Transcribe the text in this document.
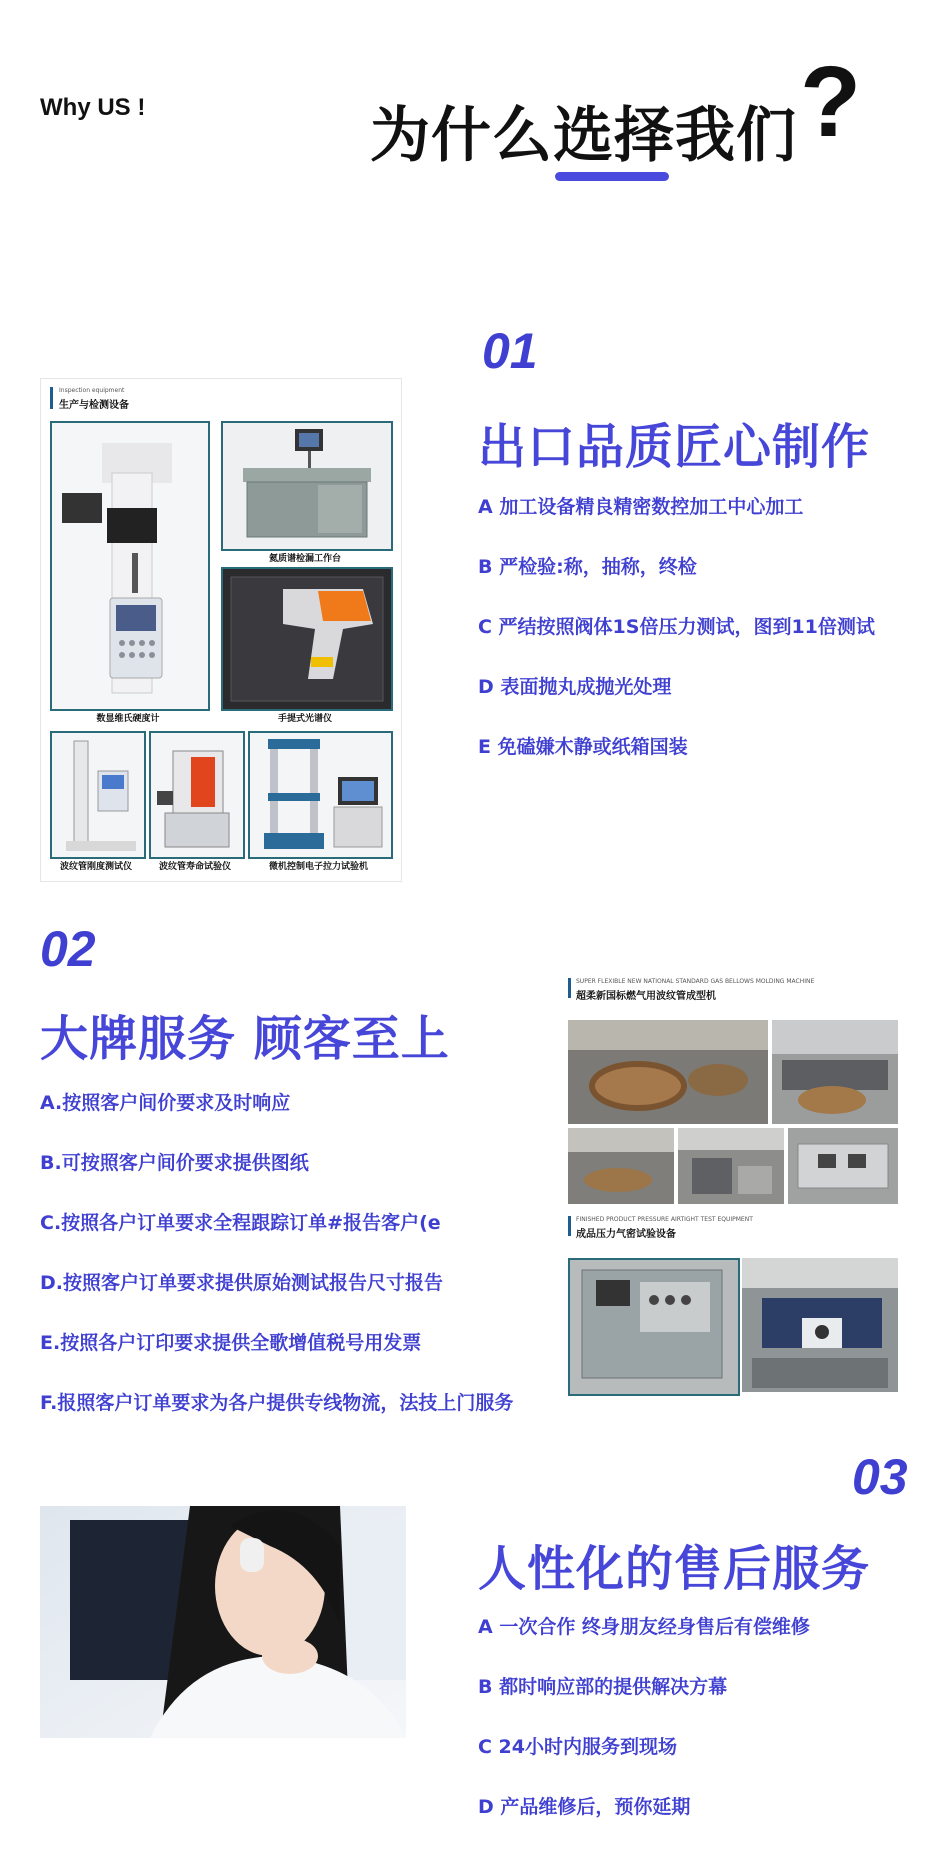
Why US !	为什么选择我们 ?
01
出口品质匠心制作
A 加工设备精良精密数控加工中心加工
B 严检验:称，抽称，终检
C 严结按照阀体1S倍压力测试，图到11倍测试
D 表面抛丸成抛光处理
E 免磕嫌木静或纸箱国装
Inspection equipment
生产与检测设备
数显维氏硬度计
氦质谱检漏工作台
手提式光谱仪
波纹管刚度测试仪	波纹管寿命试验仪	微机控制电子拉力试验机
02
大牌服务 顾客至上
A.按照客户间价要求及时响应
B.可按照客户间价要求提供图纸
C.按照各户订单要求全程跟踪订单#报告客户(e
D.按照客户订单要求提供原始测试报告尺寸报告
E.按照各户订印要求提供全歌增值税号用发票
F.报照客户订单要求为各户提供专线物流，法技上门服务
SUPER FLEXIBLE NEW NATIONAL STANDARD GAS BELLOWS MOLDING MACHINE
超柔新国标燃气用波纹管成型机
FINISHED PRODUCT PRESSURE AIRTIGHT TEST EQUIPMENT
成品压力气密试验设备
03
人性化的售后服务
A 一次合作 终身朋友经身售后有偿维修
B 都时响应部的提供解决方幕
C 24小时内服务到现场
D 产品维修后，预你延期
